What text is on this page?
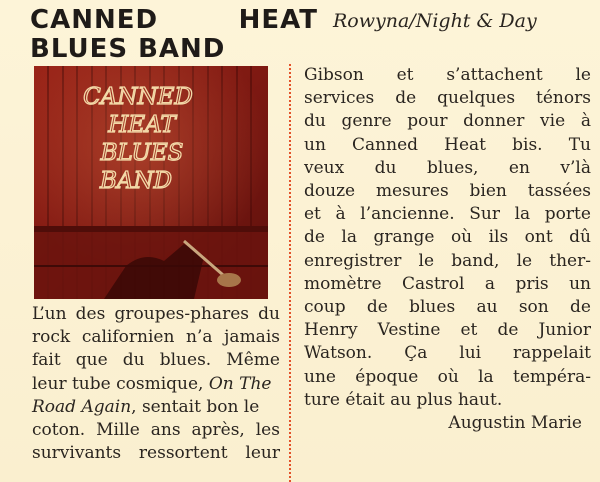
CANNED	HEAT
BLUES BAND
Rowyna/Night & Day
CANNED
HEAT
BLUES
BAND
L’un des groupes-phares du
rock californien n’a jamais
fait que du blues. Même
leur tube cosmique, On The
Road Again , sentait bon le
coton. Mille ans après, les
survivants ressortent leur
Gibson et s’attachent le
services de quelques ténors
du genre pour donner vie à
un Canned Heat bis. Tu
veux du blues, en v’là
douze mesures bien tassées
et à l’ancienne. Sur la porte
de la grange où ils ont dû
enregistrer le band, le ther-
momètre Castrol a pris un
coup de blues au son de
Henry Vestine et de Junior
Watson. Ça lui rappelait
une époque où la tempéra-
ture était au plus haut.
Augustin Marie
